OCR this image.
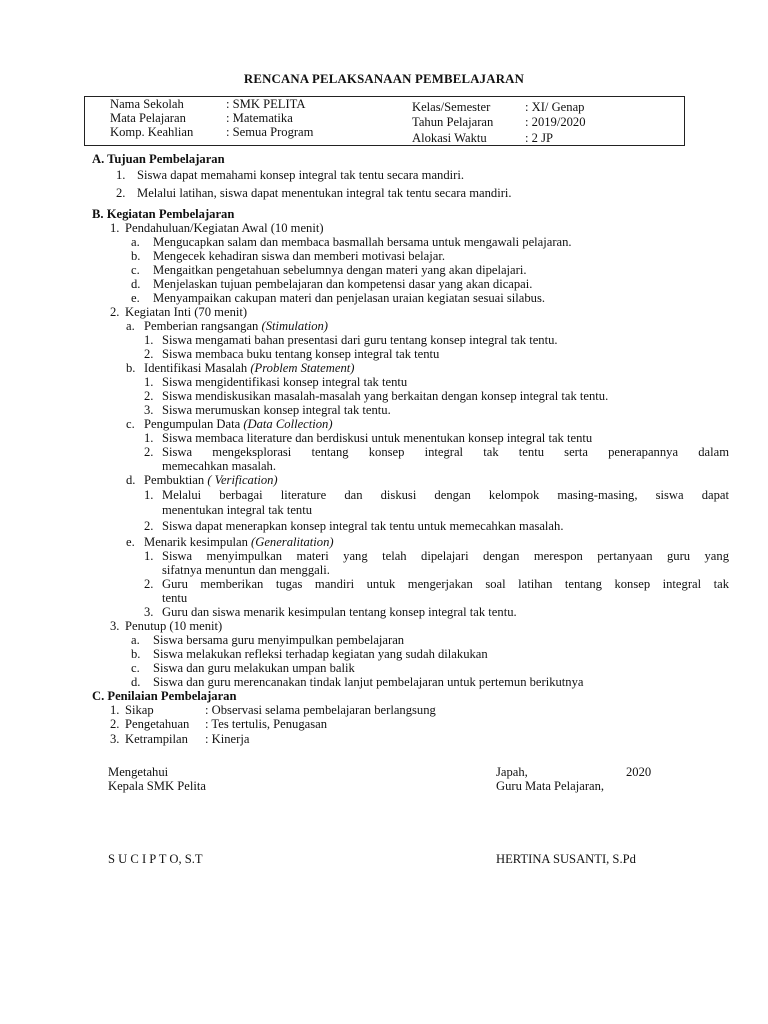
RENCANA PELAKSANAAN PEMBELAJARAN
Nama Sekolah	: SMK PELITA
Mata Pelajaran	: Matematika
Komp. Keahlian	: Semua Program
Kelas/Semester	: XI/ Genap
Tahun Pelajaran	: 2019/2020
Alokasi Waktu	: 2 JP
A. Tujuan Pembelajaran
1. Siswa dapat memahami konsep integral tak tentu secara mandiri.
2. Melalui latihan, siswa dapat menentukan integral tak tentu secara mandiri.
B. Kegiatan Pembelajaran
1. Pendahuluan/Kegiatan Awal (10 menit)
a. Mengucapkan salam dan membaca basmallah bersama untuk mengawali pelajaran.
b. Mengecek kehadiran siswa dan memberi motivasi belajar.
c. Mengaitkan pengetahuan sebelumnya dengan materi yang akan dipelajari.
d. Menjelaskan tujuan pembelajaran dan kompetensi dasar yang akan dicapai.
e. Menyampaikan cakupan materi dan penjelasan uraian kegiatan sesuai silabus.
2. Kegiatan Inti (70 menit)
a. Pemberian rangsangan (Stimulation)
1. Siswa mengamati bahan presentasi dari guru tentang konsep integral tak tentu.
2. Siswa membaca buku tentang konsep integral tak tentu
b. Identifikasi Masalah (Problem Statement)
1. Siswa mengidentifikasi konsep integral tak tentu
2. Siswa mendiskusikan masalah-masalah yang berkaitan dengan konsep integral tak tentu.
3. Siswa merumuskan konsep integral tak tentu.
c. Pengumpulan Data (Data Collection)
1. Siswa membaca literature dan berdiskusi untuk menentukan konsep integral tak tentu
2. Siswa mengeksplorasi tentang konsep integral tak tentu serta penerapannya dalam
memecahkan masalah.
d. Pembuktian ( Verification)
1. Melalui berbagai literature dan diskusi dengan kelompok masing-masing, siswa dapat
menentukan integral tak tentu
2. Siswa dapat menerapkan konsep integral tak tentu untuk memecahkan masalah.
e. Menarik kesimpulan (Generalitation)
1. Siswa menyimpulkan materi yang telah dipelajari dengan merespon pertanyaan guru yang
sifatnya menuntun dan menggali.
2. Guru memberikan tugas mandiri untuk mengerjakan soal latihan tentang konsep integral tak
tentu
3. Guru dan siswa menarik kesimpulan tentang konsep integral tak tentu.
3. Penutup (10 menit)
a. Siswa bersama guru menyimpulkan pembelajaran
b. Siswa melakukan refleksi terhadap kegiatan yang sudah dilakukan
c. Siswa dan guru melakukan umpan balik
d. Siswa dan guru merencanakan tindak lanjut pembelajaran untuk pertemun berikutnya
C. Penilaian Pembelajaran
1. Sikap	: Observasi selama pembelajaran berlangsung
2. Pengetahuan : Tes tertulis, Penugasan
3. Ketrampilan : Kinerja
Mengetahui
Kepala SMK Pelita
S U C I P T O, S.T
Japah,	2020
Guru Mata Pelajaran,
HERTINA SUSANTI, S.Pd
